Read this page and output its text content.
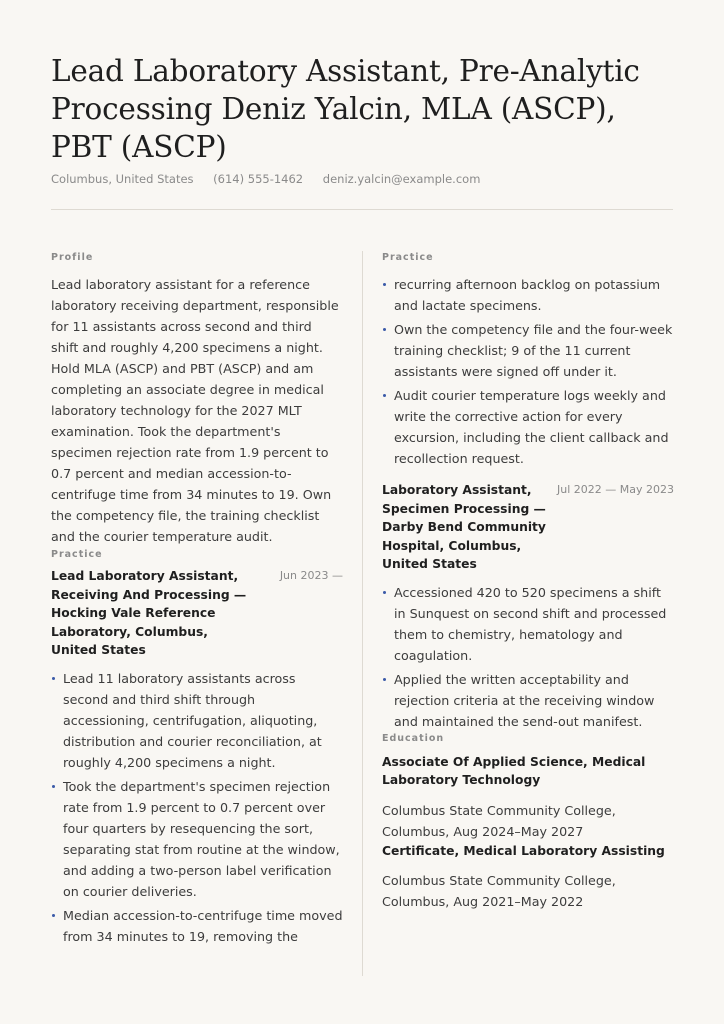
Lead Laboratory Assistant, Pre-Analytic Processing Deniz Yalcin, MLA (ASCP), PBT (ASCP)
Columbus, United States (614) 555-1462 deniz.yalcin@example.com
Profile

Lead laboratory assistant for a reference laboratory receiving department, responsible for 11 assistants across second and third shift and roughly 4,200 specimens a night. Hold MLA (ASCP) and PBT (ASCP) and am completing an associate degree in medical laboratory technology for the 2027 MLT examination. Took the department's specimen rejection rate from 1.9 percent to 0.7 percent and median accession-to-centrifuge time from 34 minutes to 19. Own the competency file, the training checklist and the courier temperature audit.

Practice
Lead Laboratory Assistant, Receiving And Processing — Hocking Vale Reference Laboratory, Columbus, United States
Jun 2023 —
Lead 11 laboratory assistants across second and third shift through accessioning, centrifugation, aliquoting, distribution and courier reconciliation, at roughly 4,200 specimens a night.
Took the department's specimen rejection rate from 1.9 percent to 0.7 percent over four quarters by resequencing the sort, separating stat from routine at the window, and adding a two-person label verification on courier deliveries.
Median accession-to-centrifuge time moved from 34 minutes to 19, removing the
Practice
recurring afternoon backlog on potassium and lactate specimens.
Own the competency file and the four-week training checklist; 9 of the 11 current assistants were signed off under it.
Audit courier temperature logs weekly and write the corrective action for every excursion, including the client callback and recollection request.
Laboratory Assistant, Specimen Processing — Darby Bend Community Hospital, Columbus, United States
Jul 2022 — May 2023
Accessioned 420 to 520 specimens a shift in Sunquest on second shift and processed them to chemistry, hematology and coagulation.
Applied the written acceptability and rejection criteria at the receiving window and maintained the send-out manifest.
Education

Associate Of Applied Science, Medical Laboratory Technology

Columbus State Community College, Columbus, Aug 2024–May 2027

Certificate, Medical Laboratory Assisting

Columbus State Community College, Columbus, Aug 2021–May 2022
